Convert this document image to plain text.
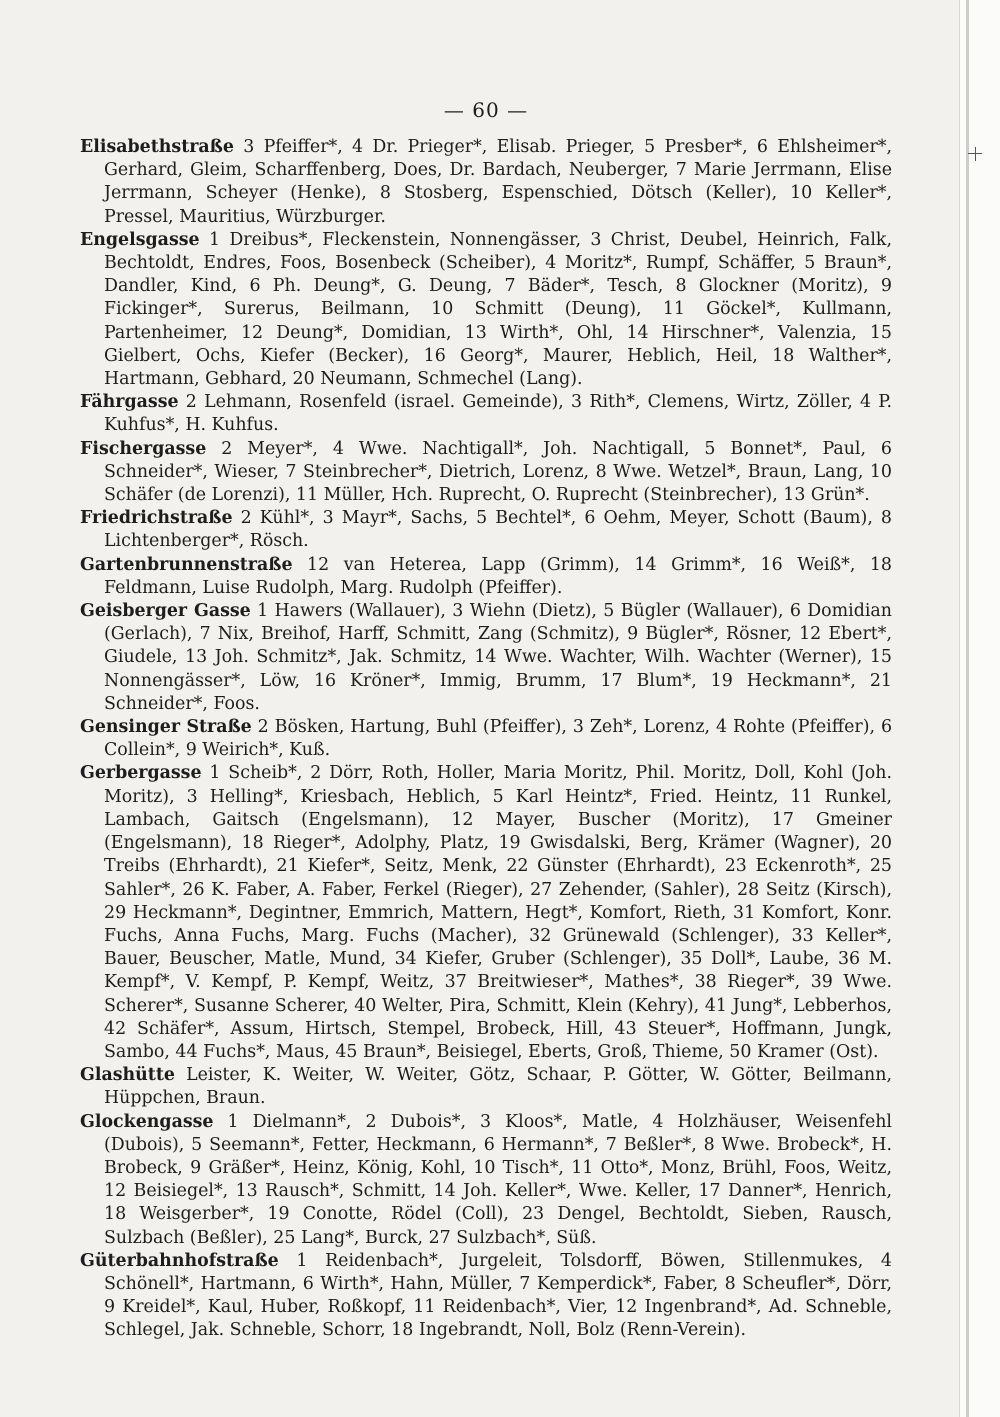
— 60 —

Elisabethstraße 3 Pfeiffer*, 4 Dr. Prieger*, Elisab. Prieger, 5 Presber*, 6 Ehlsheimer*, Gerhard, Gleim, Scharffenberg, Does, Dr. Bardach, Neuberger, 7 Marie Jerrmann, Elise Jerrmann, Scheyer (Henke), 8 Stosberg, Espenschied, Dötsch (Keller), 10 Keller*, Pressel, Mauritius, Würzburger.

Engelsgasse 1 Dreibus*, Fleckenstein, Nonnengässer, 3 Christ, Deubel, Heinrich, Falk, Bechtoldt, Endres, Foos, Bosenbeck (Scheiber), 4 Moritz*, Rumpf, Schäffer, 5 Braun*, Dandler, Kind, 6 Ph. Deung*, G. Deung, 7 Bäder*, Tesch, 8 Glockner (Moritz), 9 Fickinger*, Surerus, Beilmann, 10 Schmitt (Deung), 11 Göckel*, Kullmann, Partenheimer, 12 Deung*, Domidian, 13 Wirth*, Ohl, 14 Hirschner*, Valenzia, 15 Gielbert, Ochs, Kiefer (Becker), 16 Georg*, Maurer, Heblich, Heil, 18 Walther*, Hartmann, Gebhard, 20 Neumann, Schmechel (Lang).

Fährgasse 2 Lehmann, Rosenfeld (israel. Gemeinde), 3 Rith*, Clemens, Wirtz, Zöller, 4 P. Kuhfus*, H. Kuhfus.

Fischergasse 2 Meyer*, 4 Wwe. Nachtigall*, Joh. Nachtigall, 5 Bonnet*, Paul, 6 Schneider*, Wieser, 7 Steinbrecher*, Dietrich, Lorenz, 8 Wwe. Wetzel*, Braun, Lang, 10 Schäfer (de Lorenzi), 11 Müller, Hch. Ruprecht, O. Ruprecht (Steinbrecher), 13 Grün*.

Friedrichstraße 2 Kühl*, 3 Mayr*, Sachs, 5 Bechtel*, 6 Oehm, Meyer, Schott (Baum), 8 Lichtenberger*, Rösch.

Gartenbrunnenstraße 12 van Heterea, Lapp (Grimm), 14 Grimm*, 16 Weiß*, 18 Feldmann, Luise Rudolph, Marg. Rudolph (Pfeiffer).

Geisberger Gasse 1 Hawers (Wallauer), 3 Wiehn (Dietz), 5 Bügler (Wallauer), 6 Domidian (Gerlach), 7 Nix, Breihof, Harff, Schmitt, Zang (Schmitz), 9 Bügler*, Rösner, 12 Ebert*, Giudele, 13 Joh. Schmitz*, Jak. Schmitz, 14 Wwe. Wachter, Wilh. Wachter (Werner), 15 Nonnengässer*, Löw, 16 Kröner*, Immig, Brumm, 17 Blum*, 19 Heckmann*, 21 Schneider*, Foos.

Gensinger Straße 2 Bösken, Hartung, Buhl (Pfeiffer), 3 Zeh*, Lorenz, 4 Rohte (Pfeiffer), 6 Collein*, 9 Weirich*, Kuß.

Gerbergasse 1 Scheib*, 2 Dörr, Roth, Holler, Maria Moritz, Phil. Moritz, Doll, Kohl (Joh. Moritz), 3 Helling*, Kriesbach, Heblich, 5 Karl Heintz*, Fried. Heintz, 11 Runkel, Lambach, Gaitsch (Engelsmann), 12 Mayer, Buscher (Moritz), 17 Gmeiner (Engelsmann), 18 Rieger*, Adolphy, Platz, 19 Gwisdalski, Berg, Krämer (Wagner), 20 Treibs (Ehrhardt), 21 Kiefer*, Seitz, Menk, 22 Günster (Ehrhardt), 23 Eckenroth*, 25 Sahler*, 26 K. Faber, A. Faber, Ferkel (Rieger), 27 Zehender, (Sahler), 28 Seitz (Kirsch), 29 Heckmann*, Degintner, Emmrich, Mattern, Hegt*, Komfort, Rieth, 31 Komfort, Konr. Fuchs, Anna Fuchs, Marg. Fuchs (Macher), 32 Grünewald (Schlenger), 33 Keller*, Bauer, Beuscher, Matle, Mund, 34 Kiefer, Gruber (Schlenger), 35 Doll*, Laube, 36 M. Kempf*, V. Kempf, P. Kempf, Weitz, 37 Breitwieser*, Mathes*, 38 Rieger*, 39 Wwe. Scherer*, Susanne Scherer, 40 Welter, Pira, Schmitt, Klein (Kehry), 41 Jung*, Lebberhos, 42 Schäfer*, Assum, Hirtsch, Stempel, Brobeck, Hill, 43 Steuer*, Hoffmann, Jungk, Sambo, 44 Fuchs*, Maus, 45 Braun*, Beisiegel, Eberts, Groß, Thieme, 50 Kramer (Ost).

Glashütte Leister, K. Weiter, W. Weiter, Götz, Schaar, P. Götter, W. Götter, Beilmann, Hüppchen, Braun.

Glockengasse 1 Dielmann*, 2 Dubois*, 3 Kloos*, Matle, 4 Holzhäuser, Weisenfehl (Dubois), 5 Seemann*, Fetter, Heckmann, 6 Hermann*, 7 Beßler*, 8 Wwe. Brobeck*, H. Brobeck, 9 Gräßer*, Heinz, König, Kohl, 10 Tisch*, 11 Otto*, Monz, Brühl, Foos, Weitz, 12 Beisiegel*, 13 Rausch*, Schmitt, 14 Joh. Keller*, Wwe. Keller, 17 Danner*, Henrich, 18 Weisgerber*, 19 Conotte, Rödel (Coll), 23 Dengel, Bechtoldt, Sieben, Rausch, Sulzbach (Beßler), 25 Lang*, Burck, 27 Sulzbach*, Süß.

Güterbahnhofstraße 1 Reidenbach*, Jurgeleit, Tolsdorff, Böwen, Stillenmukes, 4 Schönell*, Hartmann, 6 Wirth*, Hahn, Müller, 7 Kemperdick*, Faber, 8 Scheufler*, Dörr, 9 Kreidel*, Kaul, Huber, Roßkopf, 11 Reidenbach*, Vier, 12 Ingenbrand*, Ad. Schneble, Schlegel, Jak. Schneble, Schorr, 18 Ingebrandt, Noll, Bolz (Renn-Verein).
